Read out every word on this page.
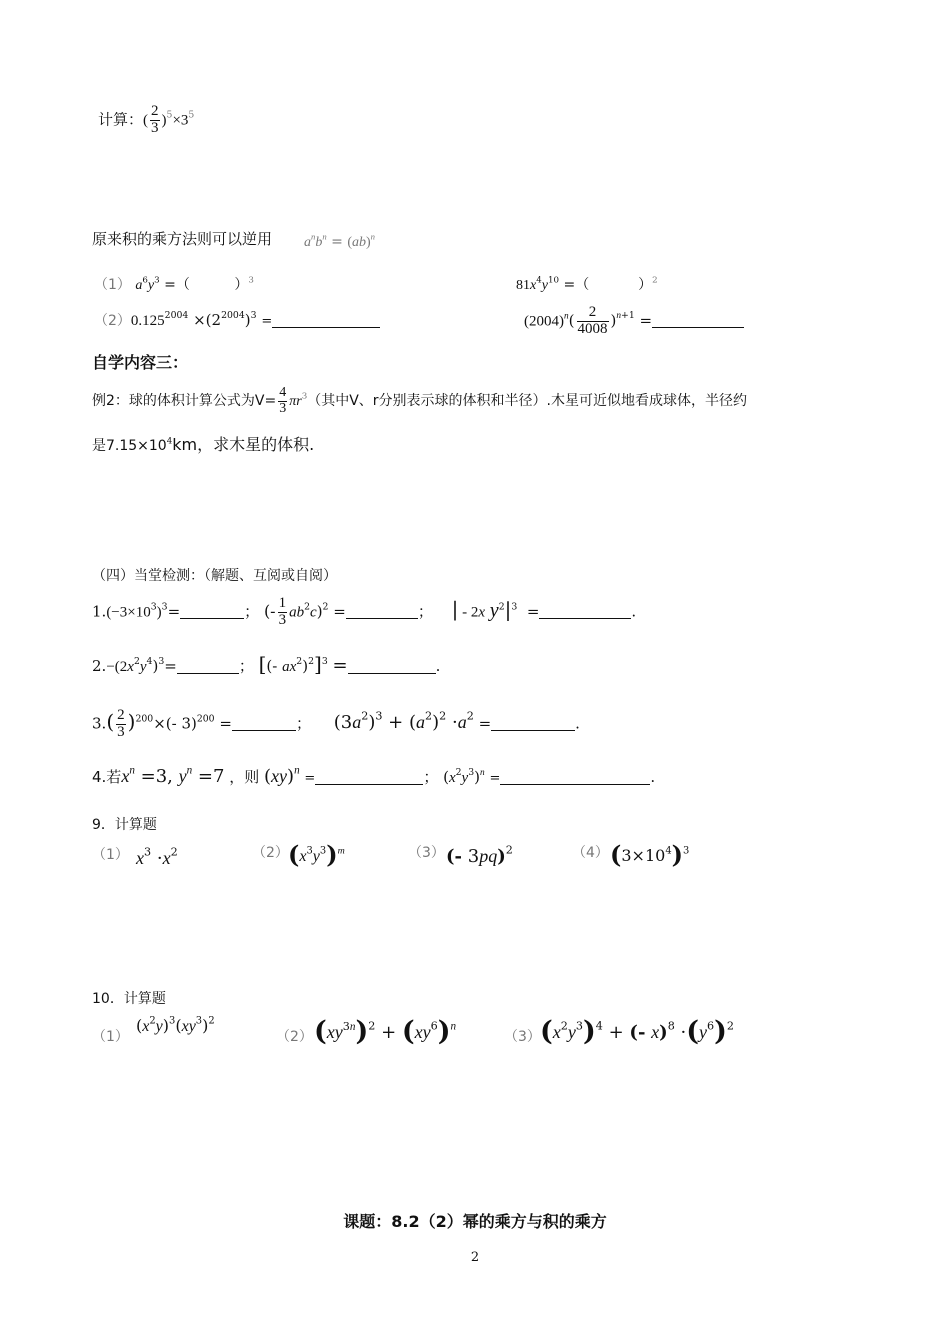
计算：( $\frac{2}{3} )^5\times 3^5$
原来积的乘方法则可以逆用 $a^nb^n = (ab)^n$
（1） $a^6y^3$ =（          ）$^3$	$81x^4y^{10}$ =（           ）$^2$
$(2)0.125^{2004} \times(2^{2004})^3$ =	$(2004)^n( \frac{2}{4008} )^{n+1}$ =
自学内容三：
例2：球的体积计算公式为$V= \frac{4}{3} \pi r^3$（其中V、r分别表示球的体积和半径）.木星可近似地看成球体，半径约
是$7.15\times 10^4km$，求木星的体积.
（四）当堂检测：（解题、互阅或自阅）
$1.(-3\times 10^3)^3=$	； (- $\frac{1}{3} ab^2c)^2$ =	； | - 2x $y^2|^3$  =	.
$2.-(2x^2y^4)^3=$	； [(- $ax^2)^2]^3$ =	.
$3.( \frac{2}{3} )^{200}\times(-$ 3)$^{200}$ =	； $(3a^2)^3 + (a^2)^2 \cdot a^2$ =	.
4.若$x^n =3$, $y^n =7$ ，则 (xy)$^n$ =	； $(x^2y^3)^n$ =	.
9．计算题
（1） $x^3 \cdot x^2$	（2） $(x^3y^3)^m$	（3） (- 3pq)$^2$	（4） $(3\times 10^4)^3$
10．计算题
（1）
$(x^2y)^3(xy^3)^2$
（2） $(xy^{3n})^2 + (xy^6)^n$
（3） $(x^2y^3)^4$ + (- $x)^8 \cdot(y^6)^2$
课题：8.2（2）幂的乘方与积的乘方
2
